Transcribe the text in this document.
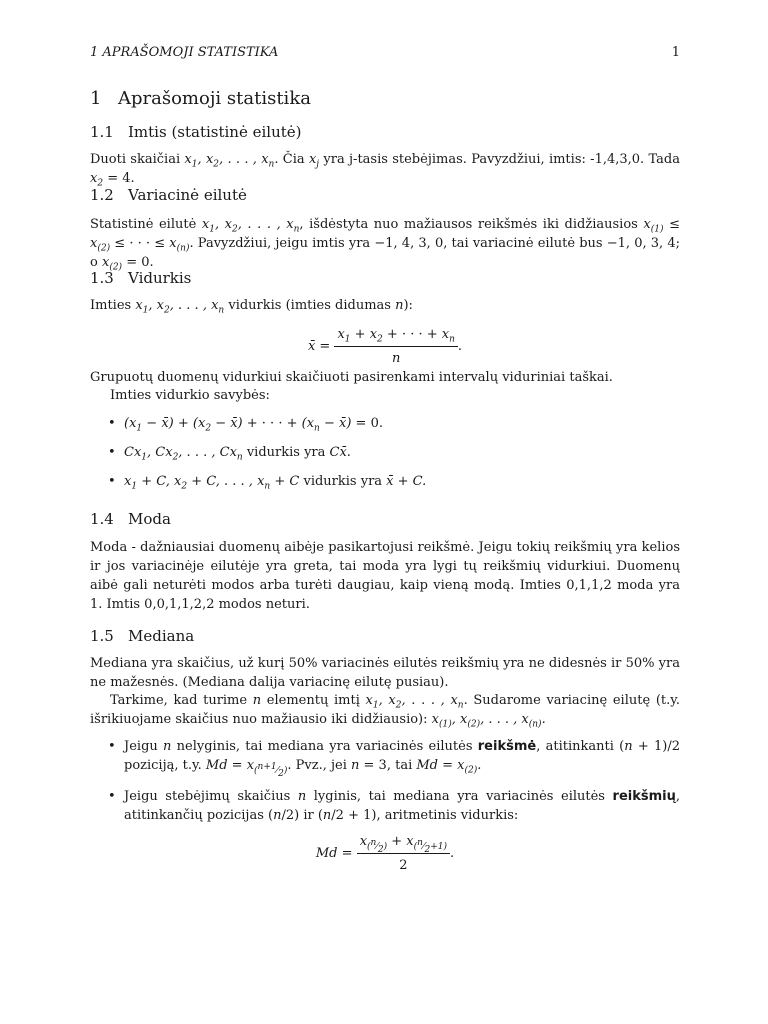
1 APRAŠOMOJI STATISTIKA	1
1 Aprašomoji statistika
1.1 Imtis (statistinė eilutė)
Duoti skaičiai $x_1$, $x_2$, . . . , $x_n$. Čia $x_j$ yra j-tasis stebėjimas. Pavyzdžiui, imtis: -1,4,3,0. Tada $x_2 = 4$.
1.2 Variacinė eilutė
Statistinė eilutė $x_1$, $x_2$, . . . , $x_n$, išdėstyta nuo mažiausos reikšmės iki didžiausios $x_{(1)} \le x_{(2)}$ ≤ · · · ≤ $x_{(n)}$. Pavyzdžiui, jeigu imtis yra −1, 4, 3, 0, tai variacinė eilutė bus −1, 0, 3, 4; o $x_{(2)} = 0$.
1.3 Vidurkis
Imties $x_1$, $x_2$, . . . , $x_n$ vidurkis (imties didumas n):
x̄ = $\frac{x_1 + x_2 + \cdot \cdot \cdot + x_n}{n}$ .
Grupuotų duomenų vidurkiui skaičiuoti pasirenkami intervalų viduriniai taškai.
Imties vidurkio savybės:
• ($x_1$ − x̄) + ($x_2$ − x̄) + · · · + ($x_n$ − x̄) = 0.
• $Cx_1$, $Cx_2$, . . . , $Cx_n$ vidurkis yra Cx̄.
• $x_1 + C$, $x_2 + C$, . . . , $x_n + C$ vidurkis yra x̄ + C.
1.4 Moda
Moda - dažniausiai duomenų aibėje pasikartojusi reikšmė. Jeigu tokių reikšmių yra kelios ir jos variacinėje eilutėje yra greta, tai moda yra lygi tų reikšmių vidurkiui. Duomenų aibė gali neturėti modos arba turėti daugiau, kaip vieną modą. Imties 0,1,1,2 moda yra 1. Imtis 0,0,1,1,2,2 modos neturi.
1.5 Mediana
Mediana yra skaičius, už kurį 50% variacinės eilutės reikšmių yra ne didesnės ir 50% yra ne mažesnės. (Mediana dalija variacinę eilutę pusiau).
Tarkime, kad turime n elementų imtį $x_1$, $x_2$, . . . , $x_n$. Sudarome variacinę eilutę (t.y. išrikiuojame skaičius nuo mažiausio iki didžiausio): $x_{(1)}$, $x_{(2)}$, . . . , $x_{(n)}$.
• Jeigu n nelyginis, tai mediana yra variacinės eilutės reikšmė, atitinkanti (n + 1)/2 poziciją, t.y. $Md = x_{(^{n+1}⁄_2)}$. Pvz., jei n = 3, tai $Md = x_{(2)}$.
• Jeigu stebėjimų skaičius n lyginis, tai mediana yra variacinės eilutės reikšmių, atitinkančių pozicijas (n/2) ir (n/2 + 1), aritmetinis vidurkis:
$Md = \frac{x_{(^n⁄_2)} + x_{(^n⁄_2+1)}}{2}$ .
